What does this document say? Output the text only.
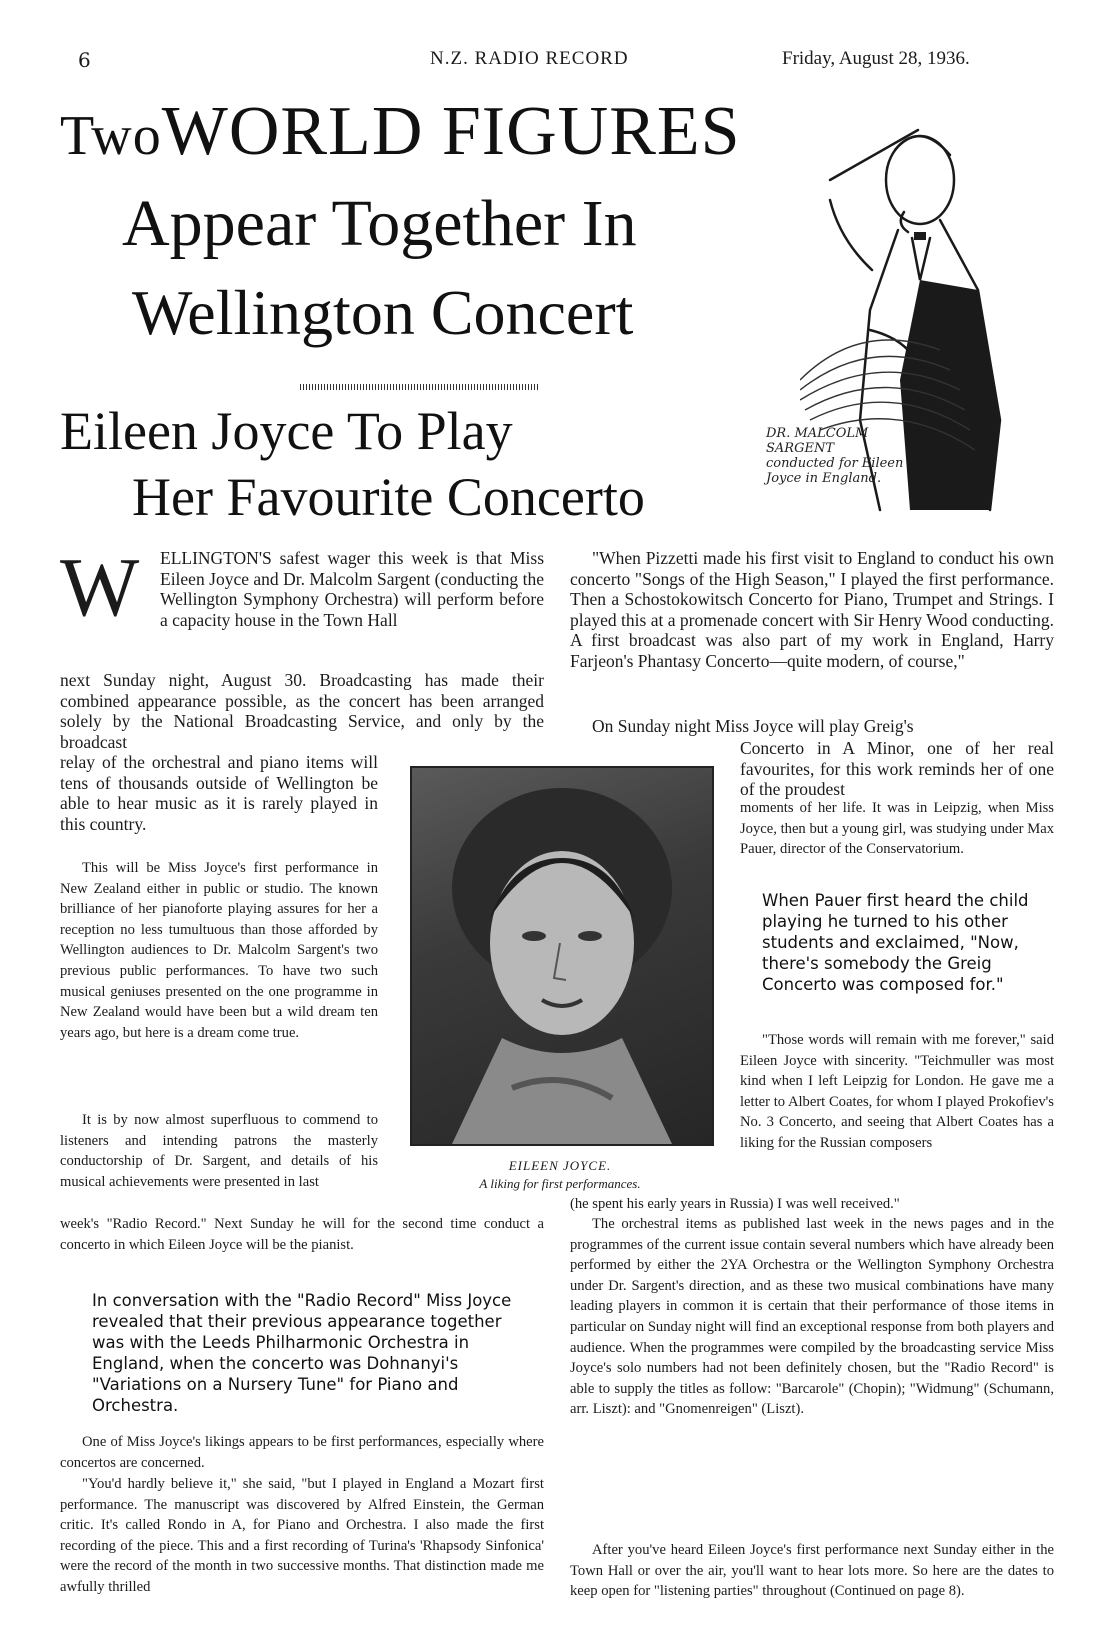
6	N.Z. RADIO RECORD	Friday, August 28, 1936.
TwoWORLD FIGURES
Appear Together In
Wellington Concert
Eileen Joyce To Play
Her Favourite Concerto
DR. MALCOLM SARGENT conducted for Eileen Joyce in England.
W ELLINGTON'S safest wager this week is that Miss Eileen Joyce and Dr. Malcolm Sargent (conducting the Wellington Symphony Orchestra) will perform before a capacity house in the Town Hall
next Sunday night, August 30. Broadcasting has made their combined appearance possible, as the concert has been arranged solely by the National Broadcasting Service, and only by the broadcast
relay of the orchestral and piano items will tens of thousands outside of Wellington be able to hear music as it is rarely played in this country.
This will be Miss Joyce's first performance in New Zealand either in public or studio. The known brilliance of her pianoforte playing assures for her a reception no less tumultuous than those afforded by Wellington audiences to Dr. Malcolm Sargent's two previous public performances. To have two such musical geniuses presented on the one programme in New Zealand would have been but a wild dream ten years ago, but here is a dream come true.
It is by now almost superfluous to commend to listeners and intending patrons the masterly conductorship of Dr. Sargent, and details of his musical achievements were presented in last
week's "Radio Record." Next Sunday he will for the second time conduct a concerto in which Eileen Joyce will be the pianist.
In conversation with the "Radio Record" Miss Joyce revealed that their previous appearance together was with the Leeds Philharmonic Orchestra in England, when the concerto was Dohnanyi's "Variations on a Nursery Tune" for Piano and Orchestra.
One of Miss Joyce's likings appears to be first performances, especially where concertos are concerned.
"You'd hardly believe it," she said, "but I played in England a Mozart first performance. The manuscript was discovered by Alfred Einstein, the German critic. It's called Rondo in A, for Piano and Orchestra. I also made the first recording of the piece. This and a first recording of Turina's 'Rhapsody Sinfonica' were the record of the month in two successive months. That distinction made me awfully thrilled
EILEEN JOYCE.
A liking for first performances.
"When Pizzetti made his first visit to England to conduct his own concerto "Songs of the High Season," I played the first performance. Then a Schostokowitsch Concerto for Piano, Trumpet and Strings. I played this at a promenade concert with Sir Henry Wood conducting. A first broadcast was also part of my work in England, Harry Farjeon's Phantasy Concerto—quite modern, of course,"
On Sunday night Miss Joyce will play Greig's
Concerto in A Minor, one of her real favourites, for this work reminds her of one of the proudest
moments of her life. It was in Leipzig, when Miss Joyce, then but a young girl, was studying under Max Pauer, director of the Conservatorium.
When Pauer first heard the child playing he turned to his other students and exclaimed, "Now, there's somebody the Greig Concerto was composed for."
"Those words will remain with me forever," said Eileen Joyce with sincerity. "Teichmuller was most kind when I left Leipzig for London. He gave me a letter to Albert Coates, for whom I played Prokofiev's No. 3 Concerto, and seeing that Albert Coates has a liking for the Russian composers
(he spent his early years in Russia) I was well received."
The orchestral items as published last week in the news pages and in the programmes of the current issue contain several numbers which have already been performed by either the 2YA Orchestra or the Wellington Symphony Orchestra under Dr. Sargent's direction, and as these two musical combinations have many leading players in common it is certain that their performance of those items in particular on Sunday night will find an exceptional response from both players and audience. When the programmes were compiled by the broadcasting service Miss Joyce's solo numbers had not been definitely chosen, but the "Radio Record" is able to supply the titles as follow: "Barcarole" (Chopin); "Widmung" (Schumann, arr. Liszt): and "Gnomenreigen" (Liszt).
After you've heard Eileen Joyce's first performance next Sunday either in the Town Hall or over the air, you'll want to hear lots more. So here are the dates to keep open for "listening parties" throughout (Continued on page 8).
